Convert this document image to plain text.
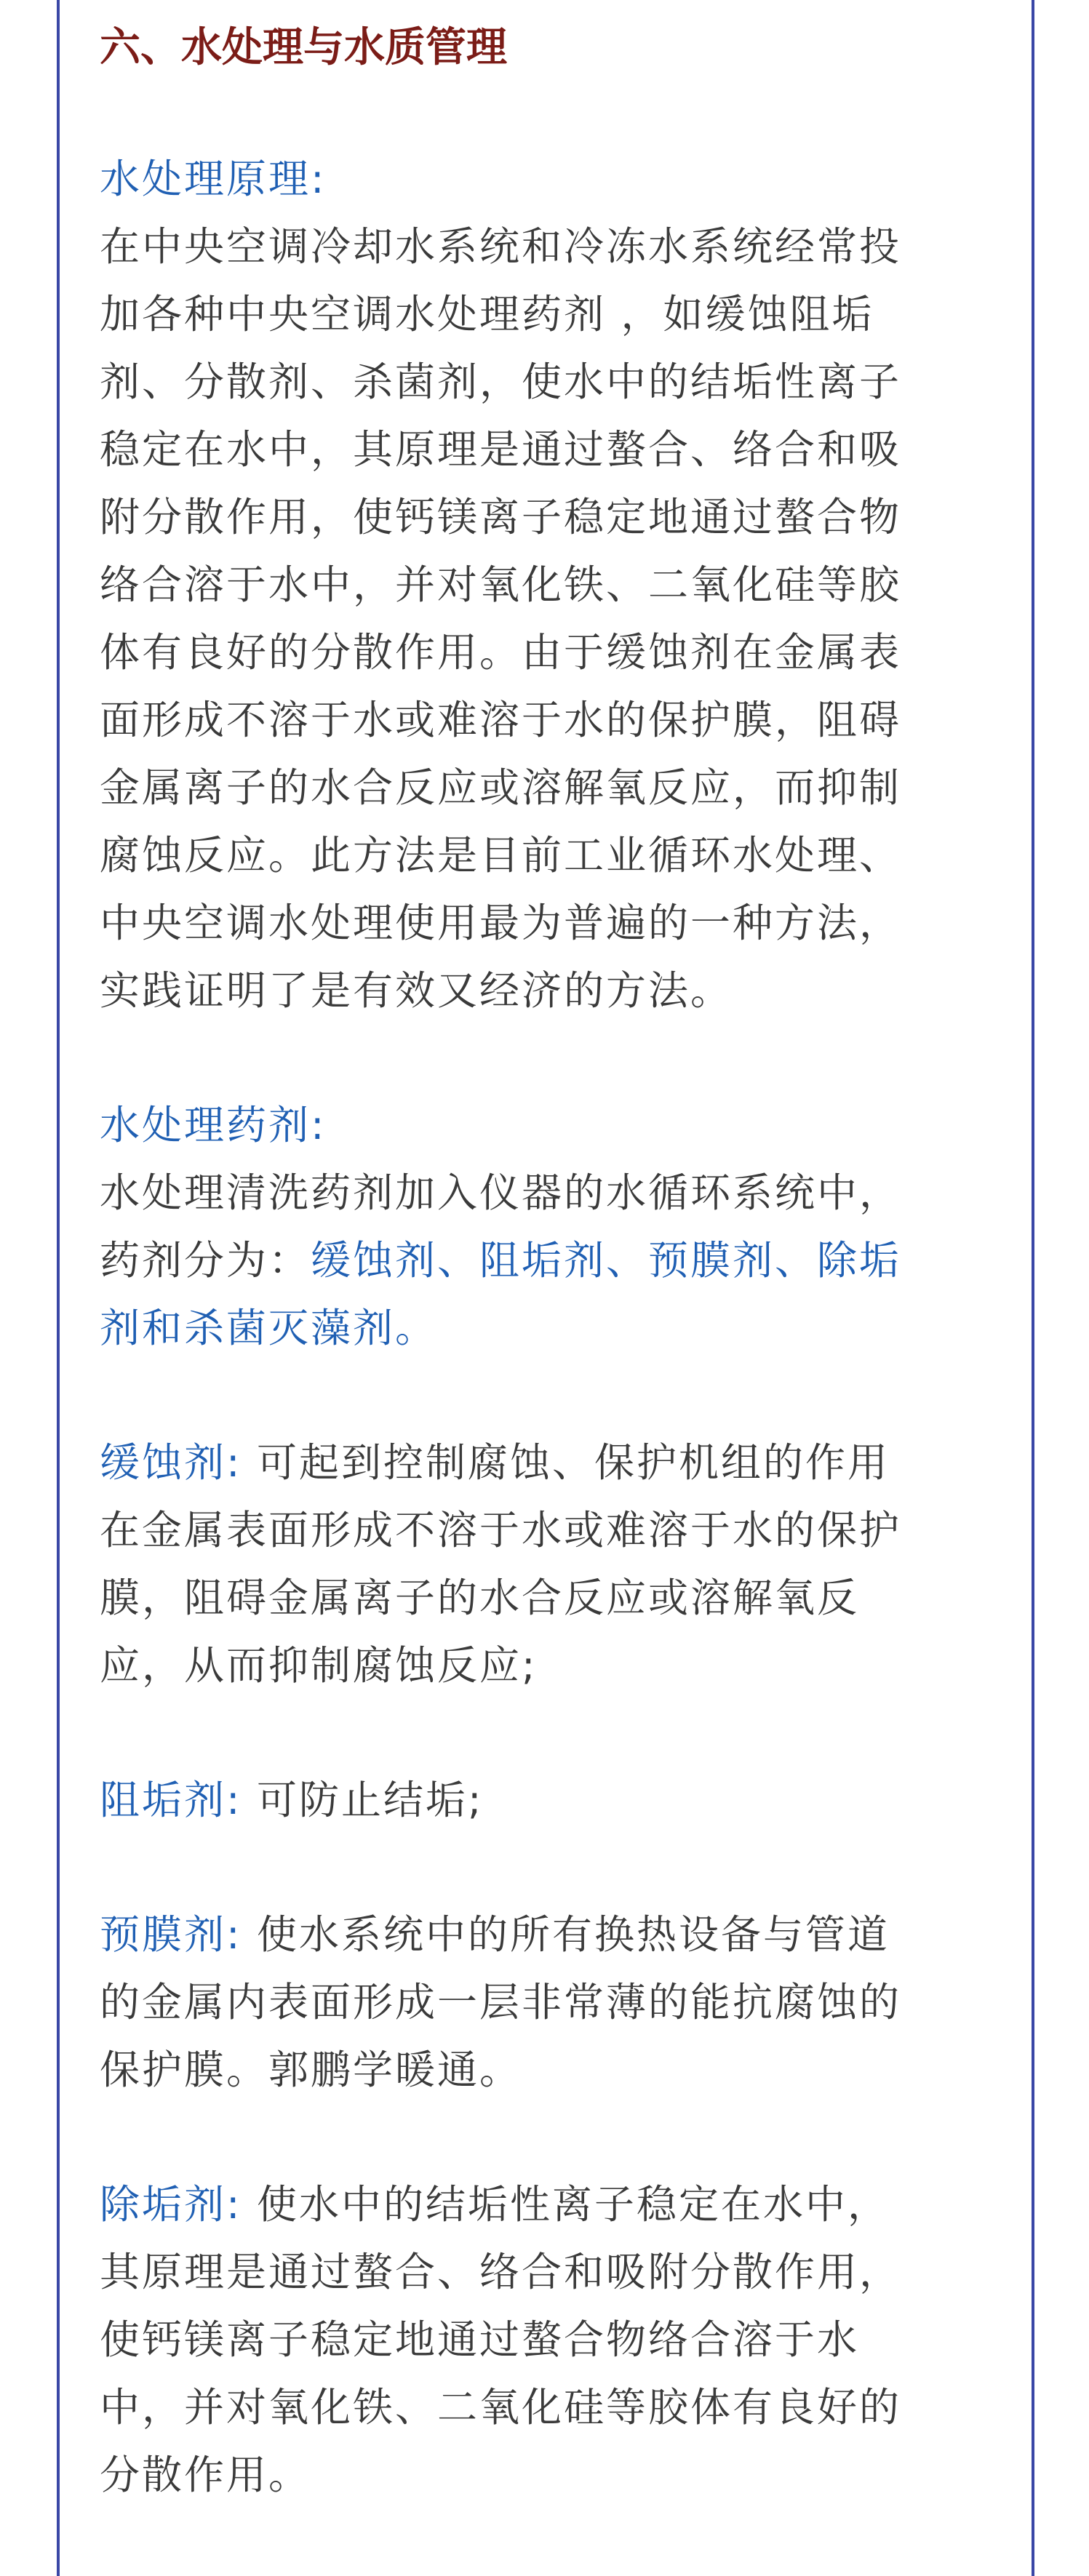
六、水处理与水质管理

水处理原理:
在中央空调冷却水系统和冷冻水系统经常投
加各种中央空调水处理药剂 ，如缓蚀阻垢
剂、分散剂、杀菌剂，使水中的结垢性离子
稳定在水中，其原理是通过螯合、络合和吸
附分散作用，使钙镁离子稳定地通过螯合物
络合溶于水中，并对氧化铁、二氧化硅等胶
体有良好的分散作用。由于缓蚀剂在金属表
面形成不溶于水或难溶于水的保护膜，阻碍
金属离子的水合反应或溶解氧反应，而抑制
腐蚀反应。此方法是目前工业循环水处理、
中央空调水处理使用最为普遍的一种方法，
实践证明了是有效又经济的方法。

水处理药剂:
水处理清洗药剂加入仪器的水循环系统中，
药剂分为：缓蚀剂、阻垢剂、预膜剂、除垢
剂和杀菌灭藻剂。

缓蚀剂: 可起到控制腐蚀、保护机组的作用
在金属表面形成不溶于水或难溶于水的保护
膜，阻碍金属离子的水合反应或溶解氧反
应，从而抑制腐蚀反应;

阻垢剂: 可防止结垢;

预膜剂: 使水系统中的所有换热设备与管道
的金属内表面形成一层非常薄的能抗腐蚀的
保护膜。郭鹏学暖通。

除垢剂: 使水中的结垢性离子稳定在水中，
其原理是通过螯合、络合和吸附分散作用，
使钙镁离子稳定地通过螯合物络合溶于水
中，并对氧化铁、二氧化硅等胶体有良好的
分散作用。
